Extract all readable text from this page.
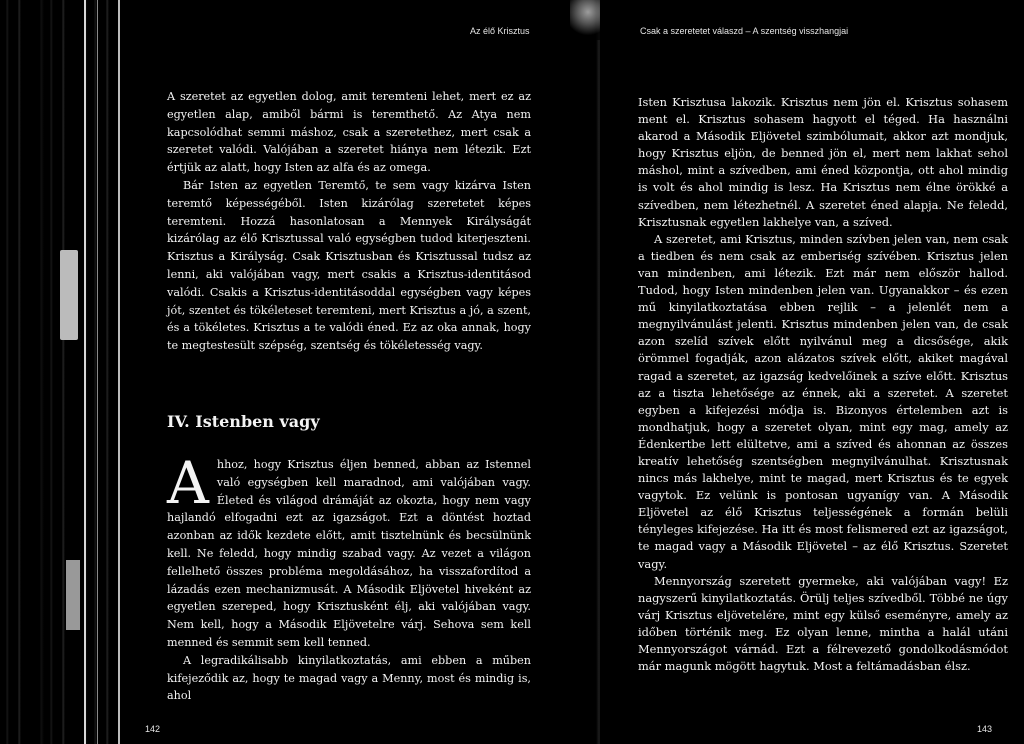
Az élő Krisztus

A szeretet az egyetlen dolog, amit teremteni lehet, mert ez az egyetlen alap, amiből bármi is teremthető. Az Atya nem kapcsolódhat semmi máshoz, csak a szeretethez, mert csak a szeretet valódi. Valójában a szeretet hiánya nem létezik. Ezt értjük az alatt, hogy Isten az alfa és az omega.

Bár Isten az egyetlen Teremtő, te sem vagy kizárva Isten teremtő képességéből. Isten kizárólag szeretetet képes teremteni. Hozzá hasonlatosan a Mennyek Királyságát kizárólag az élő Krisztussal való egységben tudod kiterjeszteni. Krisztus a Királyság. Csak Krisztusban és Krisztussal tudsz az lenni, aki valójában vagy, mert csakis a Krisztus-identitásod valódi. Csakis a Krisztus-identitásoddal egységben vagy képes jót, szentet és tökéleteset teremteni, mert Krisztus a jó, a szent, és a tökéletes. Krisztus a te valódi éned. Ez az oka annak, hogy te megtestesült szépség, szentség és tökéletesség vagy.

IV. Istenben vagy

Ahhoz, hogy Krisztus éljen benned, abban az Istennel való egységben kell maradnod, ami valójában vagy. Életed és világod drámáját az okozta, hogy nem vagy hajlandó elfogadni ezt az igazságot. Ezt a döntést hoztad azonban az idők kezdete előtt, amit tisztelnünk és becsülnünk kell. Ne feledd, hogy mindig szabad vagy. Az vezet a világon fellelhető összes probléma megoldásához, ha visszafordítod a lázadás ezen mechanizmusát. A Második Eljövetel hiveként az egyetlen szereped, hogy Krisztusként élj, aki valójában vagy. Nem kell, hogy a Második Eljövetelre várj. Sehova sem kell menned és semmit sem kell tenned.

A legradikálisabb kinyilatkoztatás, ami ebben a műben kifejeződik az, hogy te magad vagy a Menny, most és mindig is, ahol

142
Csak a szeretetet válaszd – A szentség visszhangjai

Isten Krisztusa lakozik. Krisztus nem jön el. Krisztus sohasem ment el. Krisztus sohasem hagyott el téged. Ha használni akarod a Második Eljövetel szimbólumait, akkor azt mondjuk, hogy Krisztus eljön, de benned jön el, mert nem lakhat sehol máshol, mint a szívedben, ami éned központja, ott ahol mindig is volt és ahol mindig is lesz. Ha Krisztus nem élne örökké a szívedben, nem létezhetnél. A szeretet éned alapja. Ne feledd, Krisztusnak egyetlen lakhelye van, a szíved.

A szeretet, ami Krisztus, minden szívben jelen van, nem csak a tiedben és nem csak az emberiség szívében. Krisztus jelen van mindenben, ami létezik. Ezt már nem először hallod. Tudod, hogy Isten mindenben jelen van. Ugyanakkor – és ezen mű kinyilatkoztatása ebben rejlik – a jelenlét nem a megnyilvánulást jelenti. Krisztus mindenben jelen van, de csak azon szelíd szívek előtt nyilvánul meg a dicsősége, akik örömmel fogadják, azon alázatos szívek előtt, akiket magával ragad a szeretet, az igazság kedvelőinek a szíve előtt. Krisztus az a tiszta lehetősége az énnek, aki a szeretet. A szeretet egyben a kifejezési módja is. Bizonyos értelemben azt is mondhatjuk, hogy a szeretet olyan, mint egy mag, amely az Édenkertbe lett elültetve, ami a szíved és ahonnan az összes kreatív lehetőség szentségben megnyilvánulhat. Krisztusnak nincs más lakhelye, mint te magad, mert Krisztus és te egyek vagytok. Ez velünk is pontosan ugyanígy van. A Második Eljövetel az élő Krisztus teljességének a formán belüli tényleges kifejezése. Ha itt és most felismered ezt az igazságot, te magad vagy a Második Eljövetel – az élő Krisztus. Szeretet vagy.

Mennyország szeretett gyermeke, aki valójában vagy! Ez nagyszerű kinyilatkoztatás. Örülj teljes szívedből. Többé ne úgy várj Krisztus eljövetelére, mint egy külső eseményre, amely az időben történik meg. Ez olyan lenne, mintha a halál utáni Mennyországot várnád. Ezt a félrevezető gondolkodásmódot már magunk mögött hagytuk. Most a feltámadásban élsz.

143
